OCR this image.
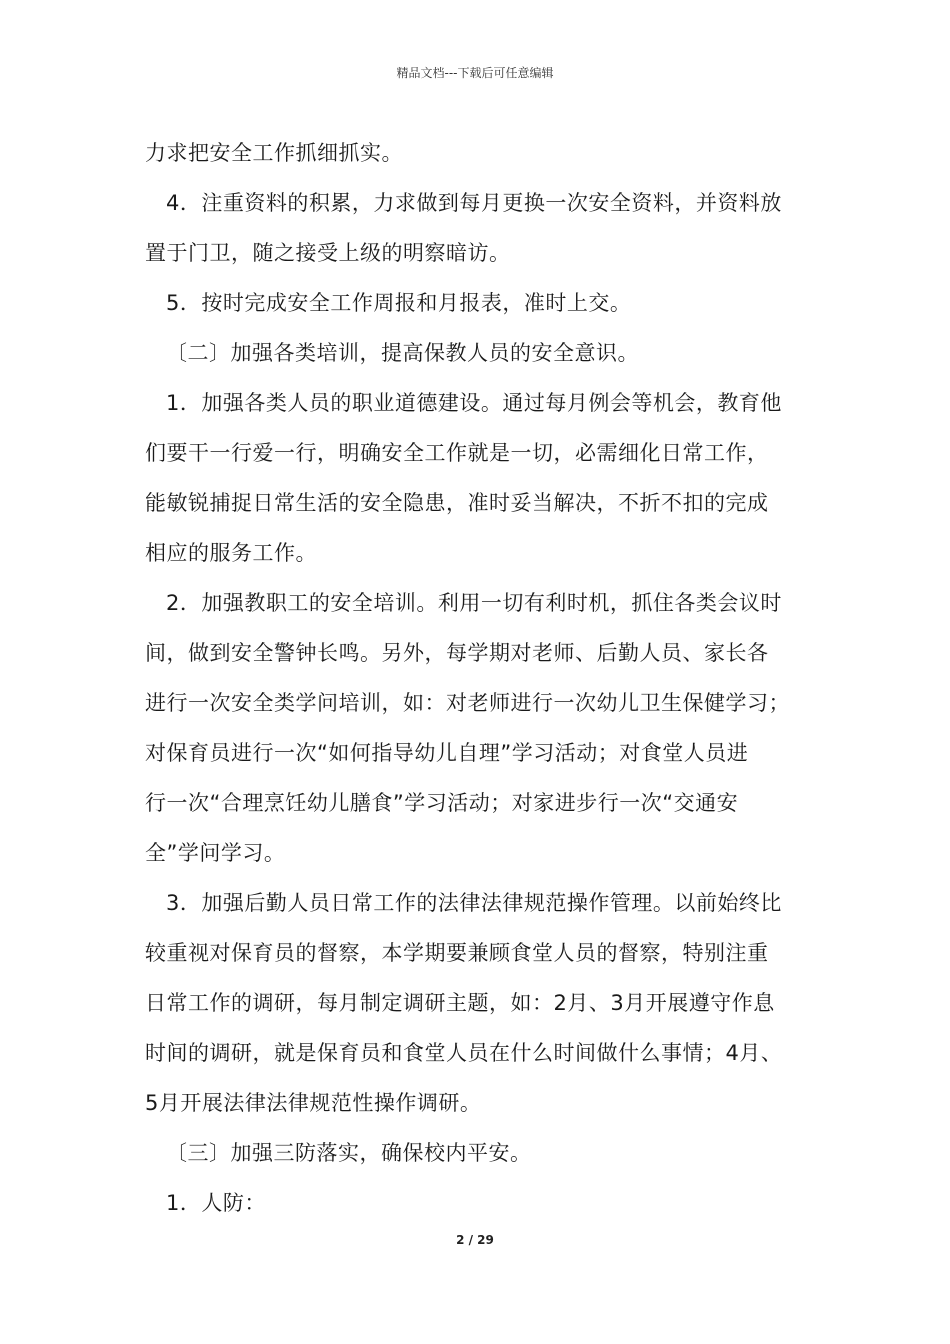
精品文档---下载后可任意编辑
力求把安全工作抓细抓实。
4．注重资料的积累，力求做到每月更换一次安全资料，并资料放
置于门卫，随之接受上级的明察暗访。
5．按时完成安全工作周报和月报表，准时上交。
〔二〕加强各类培训，提高保教人员的安全意识。
1．加强各类人员的职业道德建设。通过每月例会等机会，教育他
们要干一行爱一行，明确安全工作就是一切，必需细化日常工作，
能敏锐捕捉日常生活的安全隐患，准时妥当解决，不折不扣的完成
相应的服务工作。
2．加强教职工的安全培训。利用一切有利时机，抓住各类会议时
间，做到安全警钟长鸣。另外，每学期对老师、后勤人员、家长各
进行一次安全类学问培训，如：对老师进行一次幼儿卫生保健学习；
对保育员进行一次“如何指导幼儿自理”学习活动；对食堂人员进
行一次“合理烹饪幼儿膳食”学习活动；对家进步行一次“交通安
全”学问学习。
3．加强后勤人员日常工作的法律法律规范操作管理。以前始终比
较重视对保育员的督察，本学期要兼顾食堂人员的督察，特别注重
日常工作的调研，每月制定调研主题，如：2月、3月开展遵守作息
时间的调研，就是保育员和食堂人员在什么时间做什么事情；4月、
5月开展法律法律规范性操作调研。
〔三〕加强三防落实，确保校内平安。
1．人防：
2 / 29
